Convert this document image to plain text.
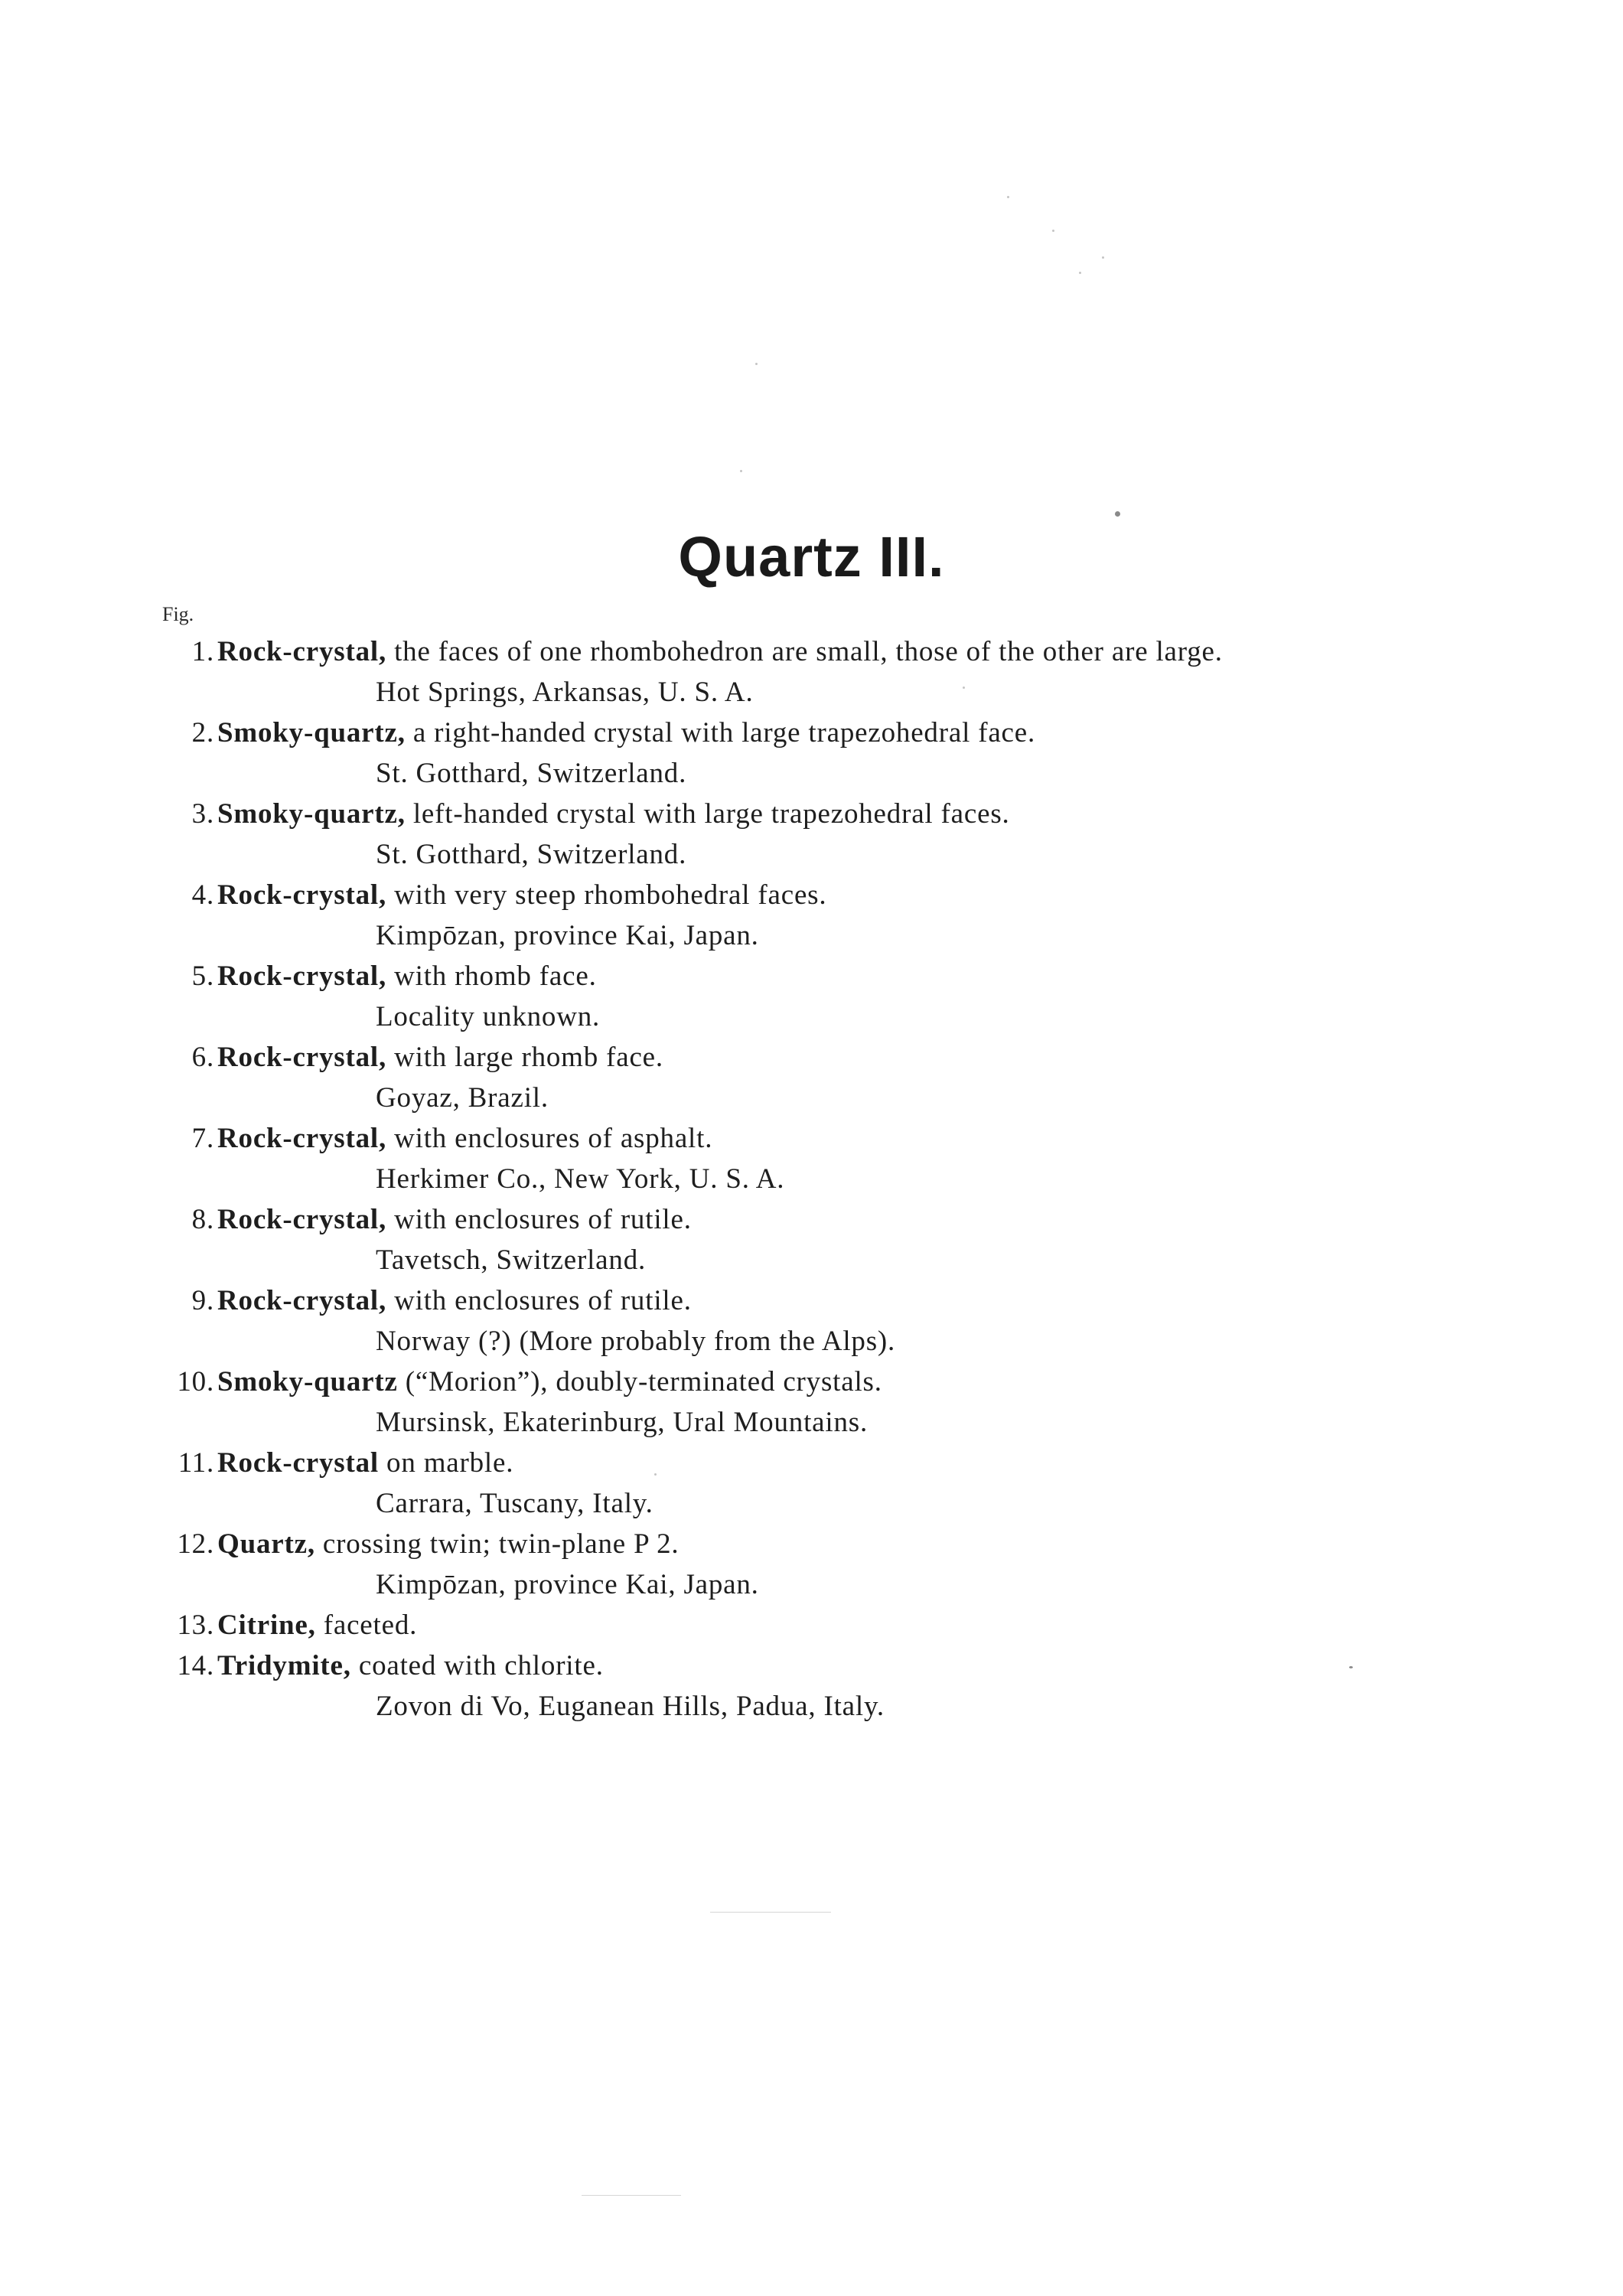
Quartz III.
Fig.
1. Rock-crystal, the faces of one rhombohedron are small, those of the other are large.
Hot Springs, Arkansas, U. S. A.
2. Smoky-quartz, a right-handed crystal with large trapezohedral face.
St. Gotthard, Switzerland.
3. Smoky-quartz, left-handed crystal with large trapezohedral faces.
St. Gotthard, Switzerland.
4. Rock-crystal, with very steep rhombohedral faces.
Kimpōzan, province Kai, Japan.
5. Rock-crystal, with rhomb face.
Locality unknown.
6. Rock-crystal, with large rhomb face.
Goyaz, Brazil.
7. Rock-crystal, with enclosures of asphalt.
Herkimer Co., New York, U. S. A.
8. Rock-crystal, with enclosures of rutile.
Tavetsch, Switzerland.
9. Rock-crystal, with enclosures of rutile.
Norway (?) (More probably from the Alps).
10. Smoky-quartz (“Morion”), doubly-terminated crystals.
Mursinsk, Ekaterinburg, Ural Mountains.
11. Rock-crystal on marble.
Carrara, Tuscany, Italy.
12. Quartz, crossing twin; twin-plane P 2.
Kimpōzan, province Kai, Japan.
13. Citrine, faceted.
14. Tridymite, coated with chlorite.
Zovon di Vo, Euganean Hills, Padua, Italy.
